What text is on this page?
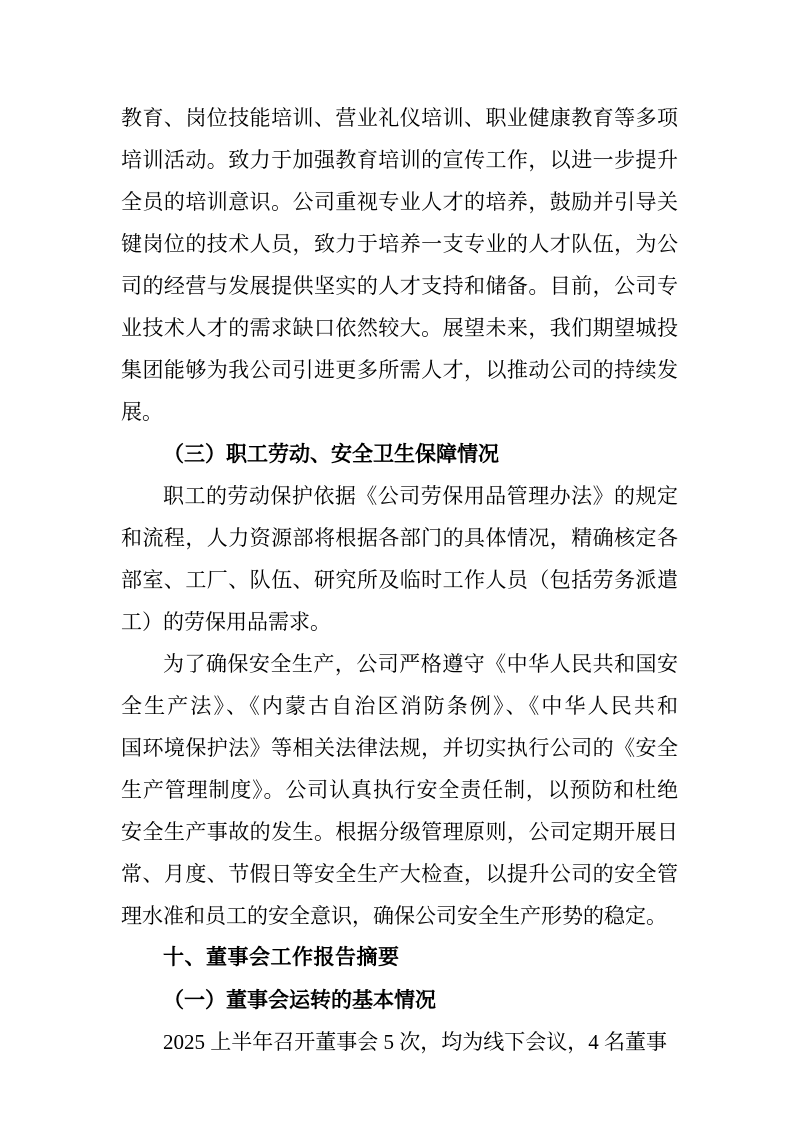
教育、岗位技能培训、营业礼仪培训、职业健康教育等多项
培训活动。致力于加强教育培训的宣传工作，以进一步提升
全员的培训意识。公司重视专业人才的培养，鼓励并引导关
键岗位的技术人员，致力于培养一支专业的人才队伍，为公
司的经营与发展提供坚实的人才支持和储备。目前，公司专
业技术人才的需求缺口依然较大。展望未来，我们期望城投
集团能够为我公司引进更多所需人才，以推动公司的持续发
展。
（三）职工劳动、安全卫生保障情况
职工的劳动保护依据《公司劳保用品管理办法》的规定
和流程，人力资源部将根据各部门的具体情况，精确核定各
部室、工厂、队伍、研究所及临时工作人员（包括劳务派遣
工）的劳保用品需求。
为了确保安全生产，公司严格遵守《中华人民共和国安
全生产法》、《内蒙古自治区消防条例》、《中华人民共和
国环境保护法》等相关法律法规，并切实执行公司的《安全
生产管理制度》。公司认真执行安全责任制，以预防和杜绝
安全生产事故的发生。根据分级管理原则，公司定期开展日
常、月度、节假日等安全生产大检查，以提升公司的安全管
理水准和员工的安全意识，确保公司安全生产形势的稳定。
十、董事会工作报告摘要
（一）董事会运转的基本情况
2025 上半年召开董事会 5 次，均为线下会议，4 名董事
